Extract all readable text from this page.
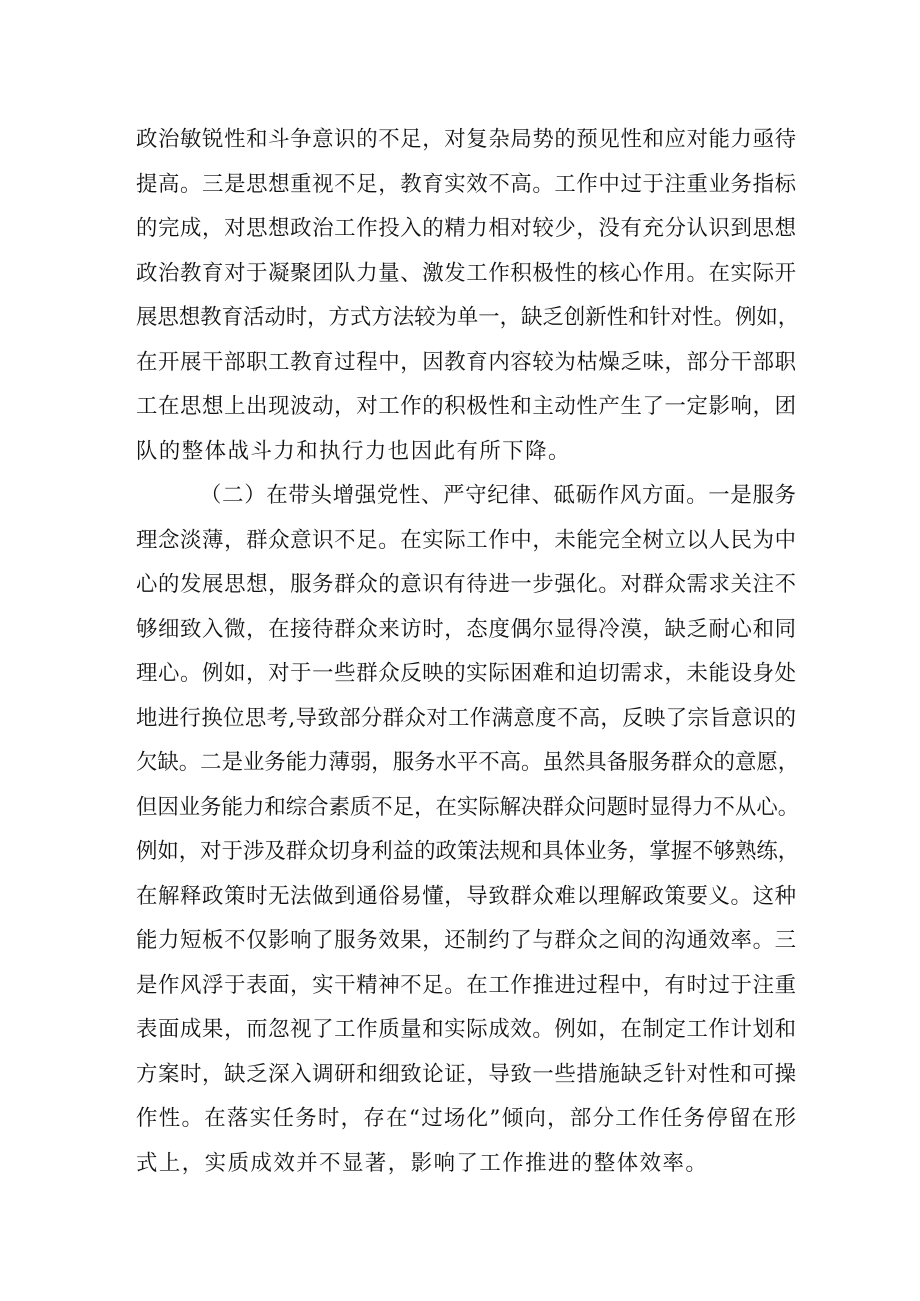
政治敏锐性和斗争意识的不足，对复杂局势的预见性和应对能力亟待
提高。三是思想重视不足，教育实效不高。工作中过于注重业务指标
的完成，对思想政治工作投入的精力相对较少，没有充分认识到思想
政治教育对于凝聚团队力量、激发工作积极性的核心作用。在实际开
展思想教育活动时，方式方法较为单一，缺乏创新性和针对性。例如，
在开展干部职工教育过程中，因教育内容较为枯燥乏味，部分干部职
工在思想上出现波动，对工作的积极性和主动性产生了一定影响，团
队的整体战斗力和执行力也因此有所下降。
（二）在带头增强党性、严守纪律、砥砺作风方面。一是服务
理念淡薄，群众意识不足。在实际工作中，未能完全树立以人民为中
心的发展思想，服务群众的意识有待进一步强化。对群众需求关注不
够细致入微，在接待群众来访时，态度偶尔显得冷漠，缺乏耐心和同
理心。例如，对于一些群众反映的实际困难和迫切需求，未能设身处
地进行换位思考,导致部分群众对工作满意度不高，反映了宗旨意识的
欠缺。二是业务能力薄弱，服务水平不高。虽然具备服务群众的意愿，
但因业务能力和综合素质不足，在实际解决群众问题时显得力不从心。
例如，对于涉及群众切身利益的政策法规和具体业务，掌握不够熟练，
在解释政策时无法做到通俗易懂，导致群众难以理解政策要义。这种
能力短板不仅影响了服务效果，还制约了与群众之间的沟通效率。三
是作风浮于表面，实干精神不足。在工作推进过程中，有时过于注重
表面成果，而忽视了工作质量和实际成效。例如，在制定工作计划和
方案时，缺乏深入调研和细致论证，导致一些措施缺乏针对性和可操
作性。在落实任务时，存在“过场化”倾向，部分工作任务停留在形
式上，实质成效并不显著，影响了工作推进的整体效率。
